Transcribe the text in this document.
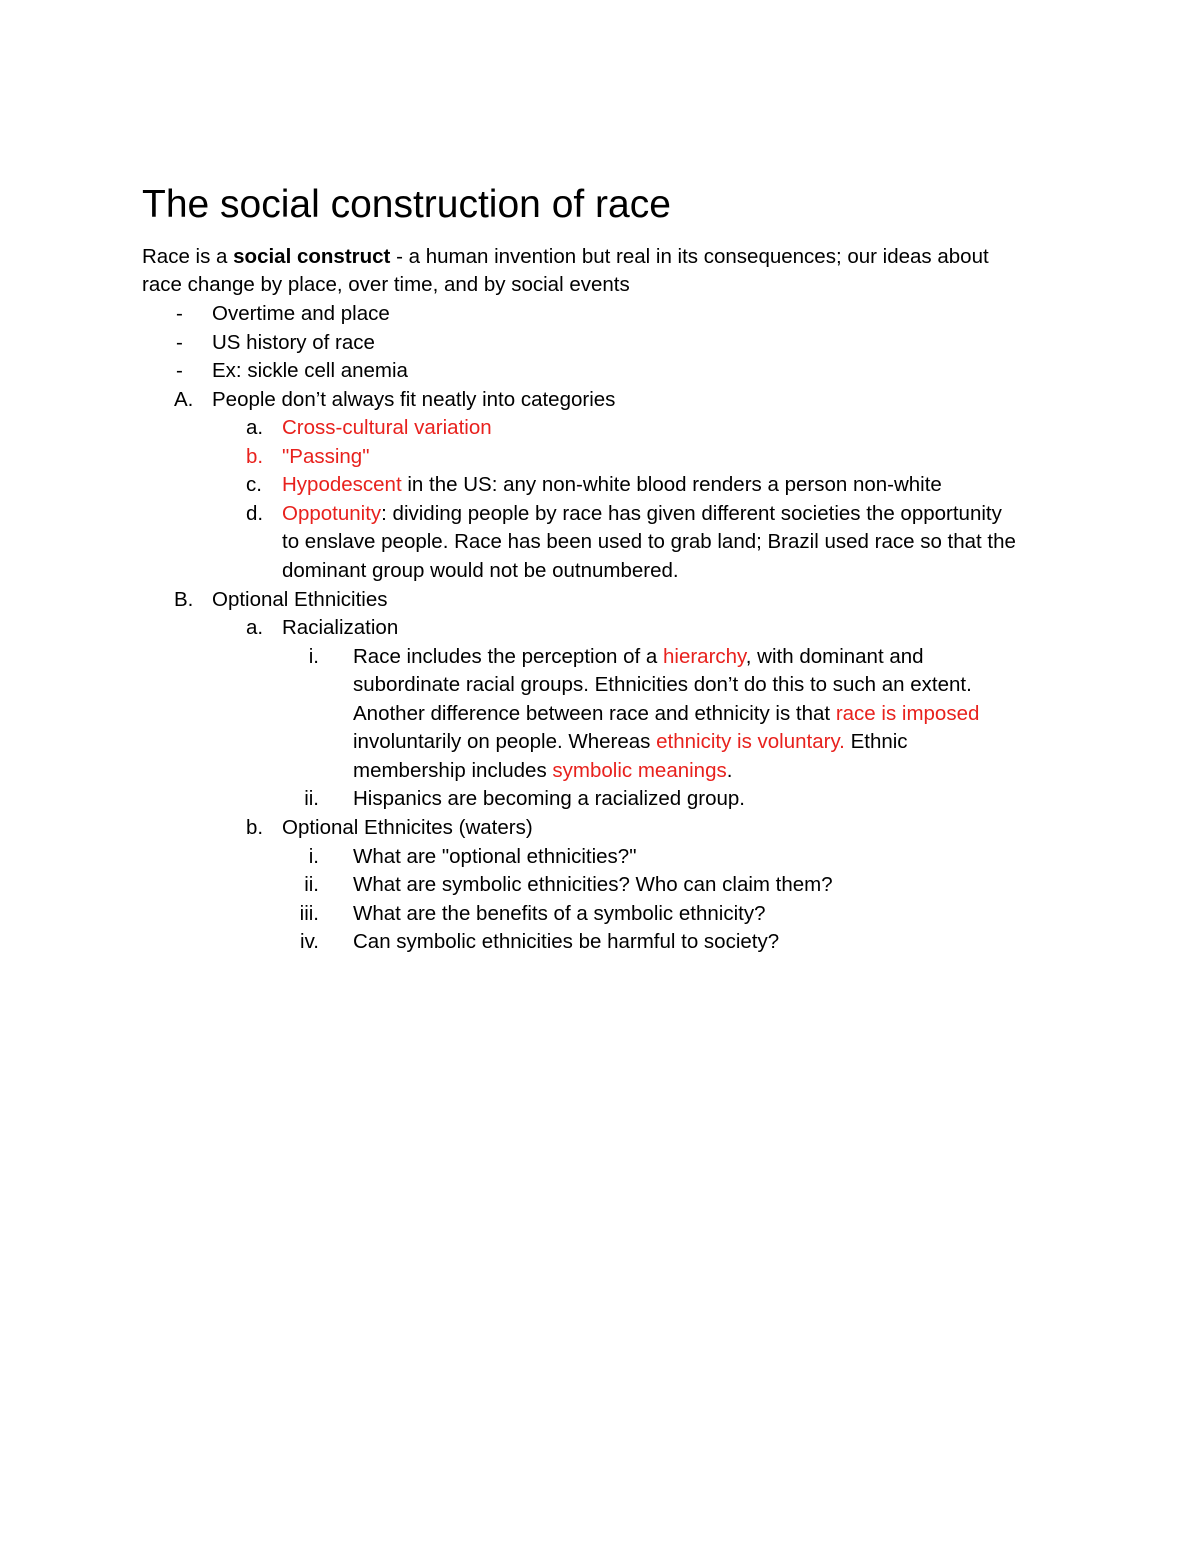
The social construction of race
Race is a social construct - a human invention but real in its consequences; our ideas about
race change by place, over time, and by social events
- Overtime and place
- US history of race
- Ex: sickle cell anemia
A. People don’t always fit neatly into categories
a. Cross-cultural variation
b. "Passing"
c. Hypodescent in the US: any non-white blood renders a person non-white
d. Oppotunity: dividing people by race has given different societies the opportunity
to enslave people. Race has been used to grab land; Brazil used race so that the
dominant group would not be outnumbered.
B. Optional Ethnicities
a. Racialization
i. Race includes the perception of a hierarchy, with dominant and
subordinate racial groups. Ethnicities don’t do this to such an extent.
Another difference between race and ethnicity is that race is imposed
involuntarily on people. Whereas ethnicity is voluntary. Ethnic
membership includes symbolic meanings.
ii. Hispanics are becoming a racialized group.
b. Optional Ethnicites (waters)
i. What are "optional ethnicities?"
ii. What are symbolic ethnicities? Who can claim them?
iii. What are the benefits of a symbolic ethnicity?
iv. Can symbolic ethnicities be harmful to society?
